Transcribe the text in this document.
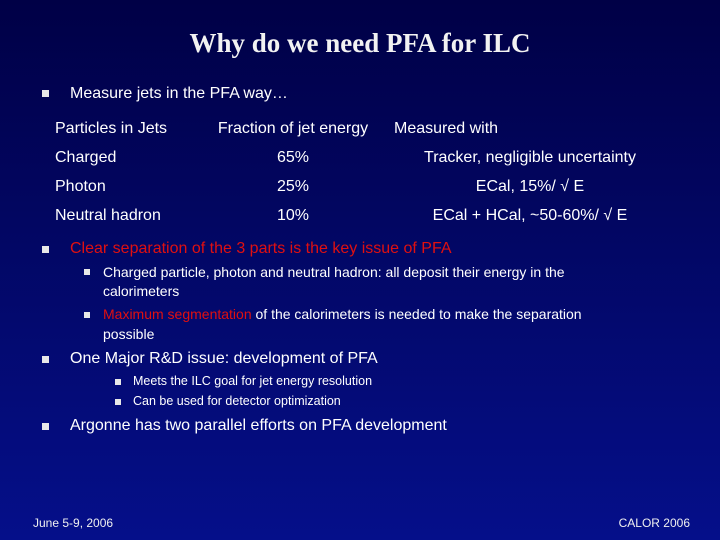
Why do we need PFA for ILC
Measure jets in the PFA way…
Particles in Jets	Fraction of jet energy	Measured with
Charged	65%	Tracker, negligible uncertainty
Photon	25%	ECal, 15%/ √ E
Neutral hadron	10%	ECal + HCal, ~50-60%/ √ E
Clear separation of the 3 parts is the key issue of PFA
Charged particle, photon and neutral hadron: all deposit their energy in the
calorimeters
Maximum segmentation of the calorimeters is needed to make the separation
possible
One Major R&D issue: development of PFA
Meets the ILC goal for jet energy resolution
Can be used for detector optimization
Argonne has two parallel efforts on PFA development
June 5-9, 2006	CALOR 2006
